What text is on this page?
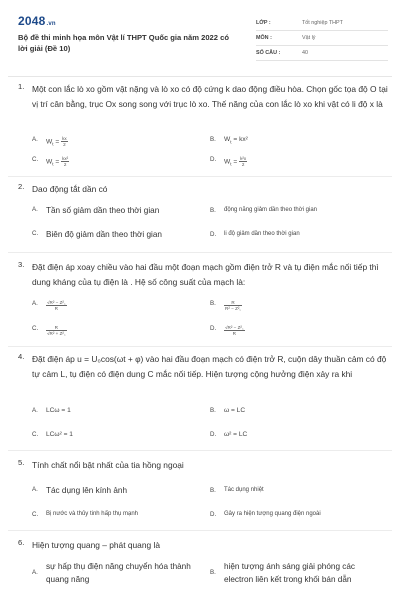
2048.vn
Bộ đề thi minh họa môn Vật lí THPT Quốc gia năm 2022 có lời giải (Đề 10)
LỚP :	Tốt nghiệp THPT
MÔN :	Vật lý
SỐ CÂU :	40
1. Một con lắc lò xo gồm vật nặng và lò xo có độ cứng k dao động điều hòa. Chọn gốc tọa độ O tại vị trí cân bằng, trục Ox song song với trục lò xo. Thế năng của con lắc lò xo khi vật có li độ x là
A. $W_t = \frac{kx}{2}$	B. $W_t = kx^2$
C. $W_t = \frac{\text{kx²}}{2}$	D. $W_t = \frac{\text{k²x}}{2}$
2. Dao động tắt dần có
A. Tần số giảm dần theo thời gian	B. động năng giảm dần theo thời gian
C. Biên độ giảm dần theo thời gian	D. li độ giảm dần theo thời gian
3. Đặt điện áp xoay chiều vào hai đầu một đoạn mạch gồm điện trở R và tụ điện mắc nối tiếp thì dung kháng của tụ điện là . Hệ số công suất của mạch là:
A. $\frac{\text{√R² − Z²꜀}}{R}$	B. $\frac{R}{\text{R² − Z²꜀}}$
C. $\frac{R}{\text{√R² + Z²꜀}}$	D. $\frac{\text{√R² − Z²꜀}}{R}$
4. Đặt điện áp u = U₀cos(ωt + φ) vào hai đầu đoạn mạch có điện trở R, cuộn dây thuần cảm có độ tự cảm L, tụ điện có điện dung C mắc nối tiếp. Hiện tượng cộng hưởng điện xảy ra khi
A. LCω = 1	B. ω = LC
C. LCω² = 1	D. ω² = LC
5. Tính chất nổi bật nhất của tia hồng ngoại
A. Tác dụng lên kính ảnh	B. Tác dụng nhiệt
C. Bị nước và thủy tinh hấp thụ mạnh	D. Gây ra hiện tượng quang điện ngoài
6. Hiện tượng quang – phát quang là
A.
sự hấp thụ điện năng chuyển hóa thành quang năng
B.
hiện tượng ánh sáng giải phóng các electron liên kết trong khối bán dẫn
